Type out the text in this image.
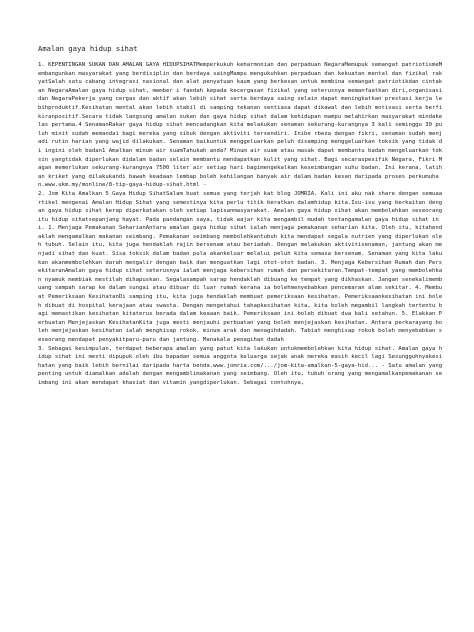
Amalan gaya hidup sihat

1. KEPENTINGAN SUKAN DAN AMALAN GAYA HIDUPSIHATMemperkukuh keharmonian dan perpaduan NegaraMemupuk semangat patriotismeMembangunkan masyarakat yang berdisiplin dan berdaya saingMampu mengukuhkan perpaduan dan kekuatan mental dan fizikal rakyatSalah satu cabang integrasi nasional dan alat penyatuan kaum yang berkesan untuk membina semangat patriotikdan cintakan NegaraAmalan gaya hidup sihat, member i faedah kepada kecergasan fizikal yang seterusnya memanfaatkan diri,organisasi dan NegaraPekerja yang cergas dan aktif akan lebih sihat serta berdaya saing selain dapat meningkatkan prestasi kerja lebihproduktif.Kesihatan mental akan lebih stabil di samping tekanan sentiasa dapat dikawal dan lebih motivasi serta berfikiranpositif.Secara tidak langsung amalan sukan dan gaya hidup sihat dalam kehidupan mampu melahirkan masyarakat mindakelas pertama.4 SenamanRakar gaya hidup sihat mencadangkan kita melakukan senaman sekurang-kurangnya 3 kali seminggu 30 puluh minit sudah memandai bagi mereka yang sibuk dengan aktiviti tersendiri. Inibe rbeza dengan fikri, senaman sudah menjadi rutin harian yang wajid dilakukan. Senaman baikuntuk menggeluarkan peluh disamping menggeluarkan toksik yang tidak di ingini oleh badan1 Amalkan minum air suamTahukah anda? Minum air suam atau masak dapat membantu badan mengeluarkan toksin yangtidak diperlukan didalam badan selain membantu mendapatkan kulit yang sihat. Bagi secaraspesifik Negara, Fikri Magan memerlukan sekurang-kurangnya 7500 liter air setiap hari bagimengekalkan keseimbangan suhu badan. Ini kerana, latihan kriket yang dilakukandi bawah keadaan lembap boleh kehilangan banyak air dalam badan kesan daripada proses perkumuhan.www.ukm.my/monline/8-tip-gaya-hidup-sihat.html -

2. Jom Kita Amalkan 5 Gaya Hidup SihatSalam buat semua yang terjah kat blog JOMRIA. Kali ini aku nak share dengan semuaartikel mengenai Amalan Hidup Sihat yang semestinya kita perlu titik beratkan dalamhidup kita.Isu-isu yang berkaitan dengan gaya hidup sihat kerap diperkatakan oleh setiap lapisanmasyarakat. Amalan gaya hidup sihat akan membolehkan seseorang itu hidup sihatsepanjang hayat. Pada pandangan saya, tidak wajar kita mengambil mudah tentangamalan gaya hidup sihat ini. 1. Menjaga Pemakanan SeharianAntara amalan gaya hidup sihat ialah menjaga pemakanan seharian kita. Oleh itu, kitahendaklah mengamalkan makanan seimbang. Pemakanan seimbang membolehkantubuh kita mendapat segala nutrien yang diperlukan oleh tubuh. Selain itu, kita juga hendaklah rajin bersenam atau beriadah. Dengan melakukan aktivitisenaman, jantung akan menjadi sihat dan kuat. Sisa toksik dalam badan pula akankeluar melalui peluh kita semasa bersenam. Senaman yang kita lakukan akanmembolehkan darah mengalir dengan baik dan menguatkan lagi otot-otot badan. 3. Menjaga Kebersihan Rumah dan PersekitaranAmalan gaya hidup sihat seterusnya ialah menjaga kebersihan rumah dan persekitaran.Tempat-tempat yang membolehkan nyamuk membiak mestilah dihapuskan. Segalasampah sarap hendaklah dibuang ke tempat yang dikhaskan. Jangan senekalimembuang sampah sarap ke dalam sungai atau dibuar di luar rumah kerana ia bolehmenyebabkan pencemaran alam sekitar. 4. Membuat Pemeriksaan KesihatanDi samping itu, kita juga hendaklah membuat pemeriksaan kesihatan. Pemeriksaankesihatan ini boleh dibuat di hospital kerajaan atau swasta. Dengan mengetahui tahapkesihatan kita, kita boleh megambil langkah tertentu bagi memastikan kesihatan kitaterus berada dalam keaaan baik. Pemeriksaan ini boleh dibuat dua kali setahun. 5. Elakkan Perbuatan Menjejaskan KesihatanKita juga mesti menjauhi perbuatan yang boleh menjejaskan kesihatan. Antara perkarayang boleh menjejaskan kesihatan ialah menghisap rokok, minum arak dan menagihdadah. Tabiat menghisap rokok boleh menyebabkan seseorang mendapat penyakitparu-paru dan jantung. Manakala penagihan dadah

3. Sebagai kesimpulan, terdapat beberapa amalan yang patut kita lakukan untukmembolehkan kita hidup sihat. Amalan gaya hidup sihat ini mesti dipupuk oleh ibu bapadan semua anggota keluarga sejak anak mereka masih kecil lagi Sesungguhnyakesihatan yang baik lebih bernilai daripada harta benda.www.jomria.com/.../jom-kita-amalkan-5-gaya-hid... - Satu amalan yang penting untuk diamalkan adalah dengan mengamblimakanan yang seimbang. Oleh itu, tubuh orang yang mengamalkanpemakanan seimbang ini akan mendapat khasiat dan vitamin yangdiperlukan. Sebagai contohnya,
